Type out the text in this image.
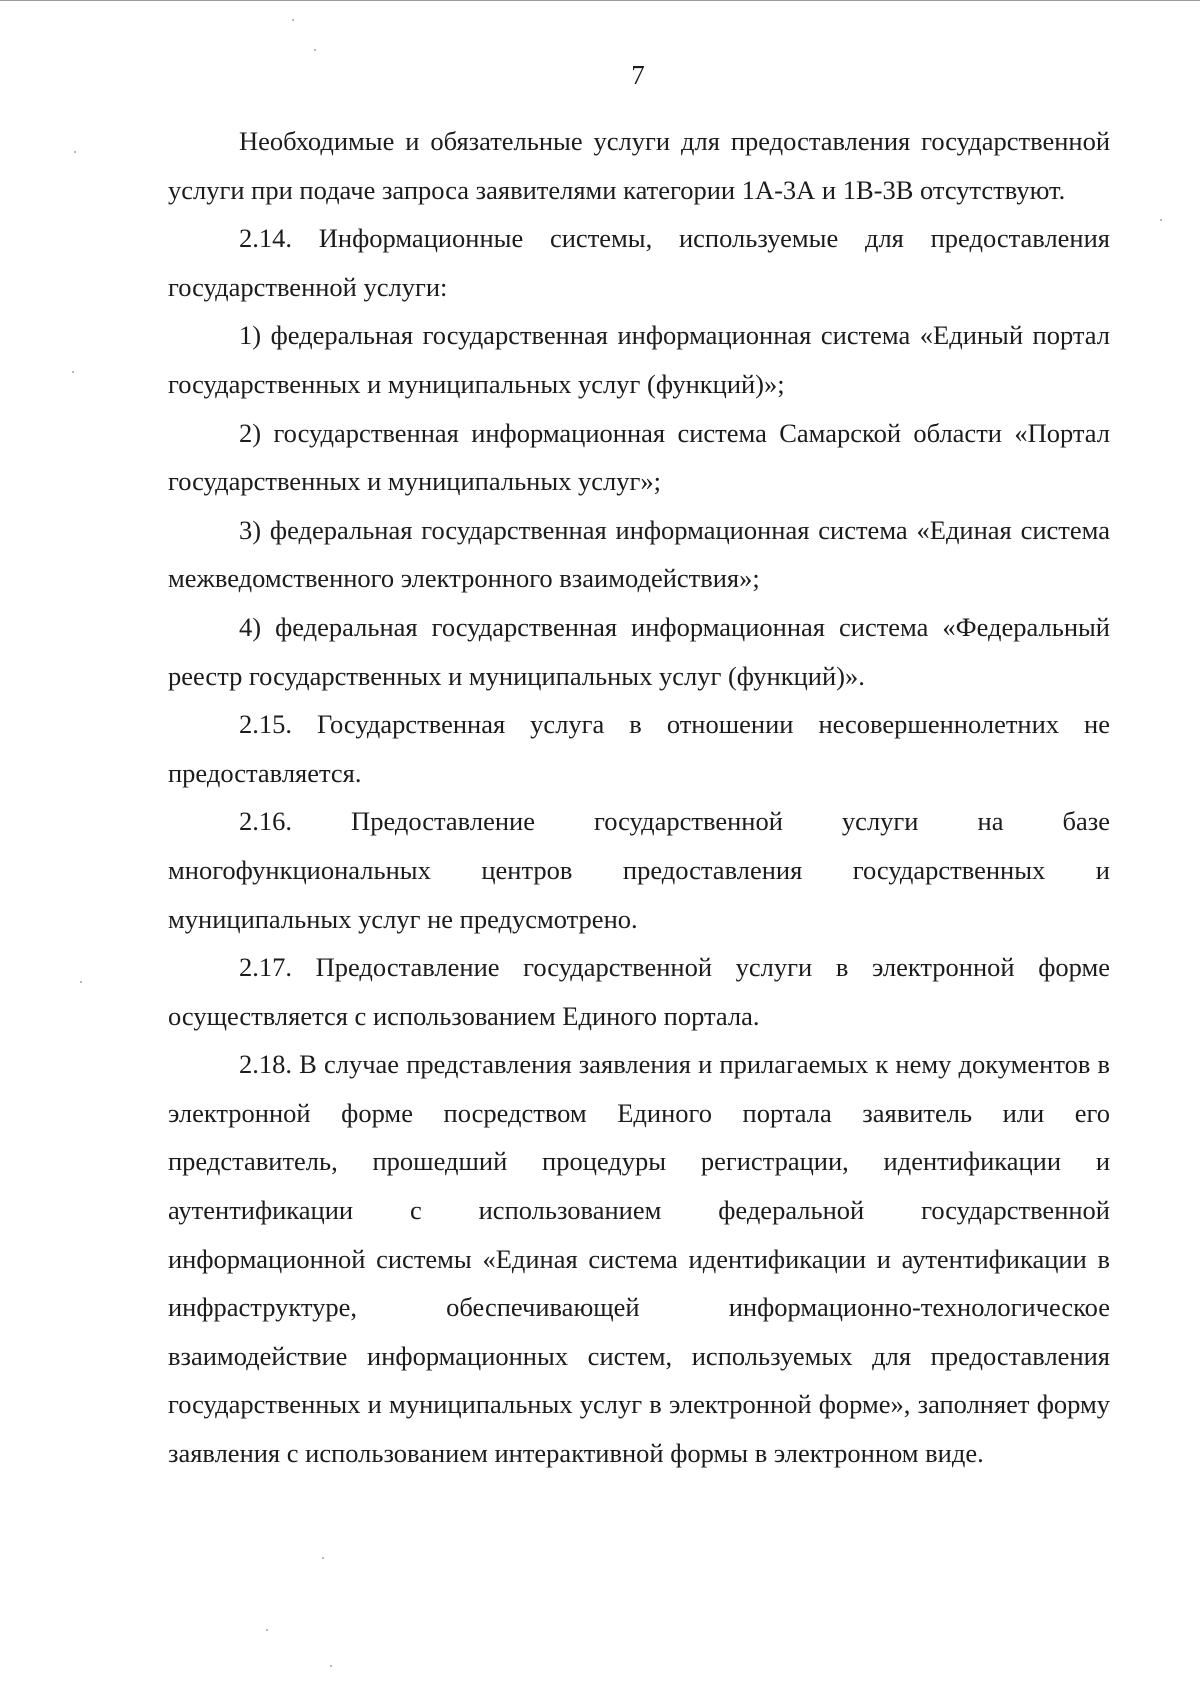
7

Необходимые и обязательные услуги для предоставления государственной услуги при подаче запроса заявителями категории 1А-3А и 1В-3В отсутствуют.

2.14. Информационные системы, используемые для предоставления государственной услуги:

1) федеральная государственная информационная система «Единый портал государственных и муниципальных услуг (функций)»;

2) государственная информационная система Самарской области «Портал государственных и муниципальных услуг»;

3) федеральная государственная информационная система «Единая система межведомственного электронного взаимодействия»;

4) федеральная государственная информационная система «Федеральный реестр государственных и муниципальных услуг (функций)».

2.15. Государственная услуга в отношении несовершеннолетних не предоставляется.

2.16. Предоставление государственной услуги на базе многофункциональных центров предоставления государственных и муниципальных услуг не предусмотрено.

2.17. Предоставление государственной услуги в электронной форме осуществляется с использованием Единого портала.

2.18. В случае представления заявления и прилагаемых к нему документов в электронной форме посредством Единого портала заявитель или его представитель, прошедший процедуры регистрации, идентификации и аутентификации с использованием федеральной государственной информационной системы «Единая система идентификации и аутентификации в инфраструктуре, обеспечивающей информационно-технологическое взаимодействие информационных систем, используемых для предоставления государственных и муниципальных услуг в электронной форме», заполняет форму заявления с использованием интерактивной формы в электронном виде.
